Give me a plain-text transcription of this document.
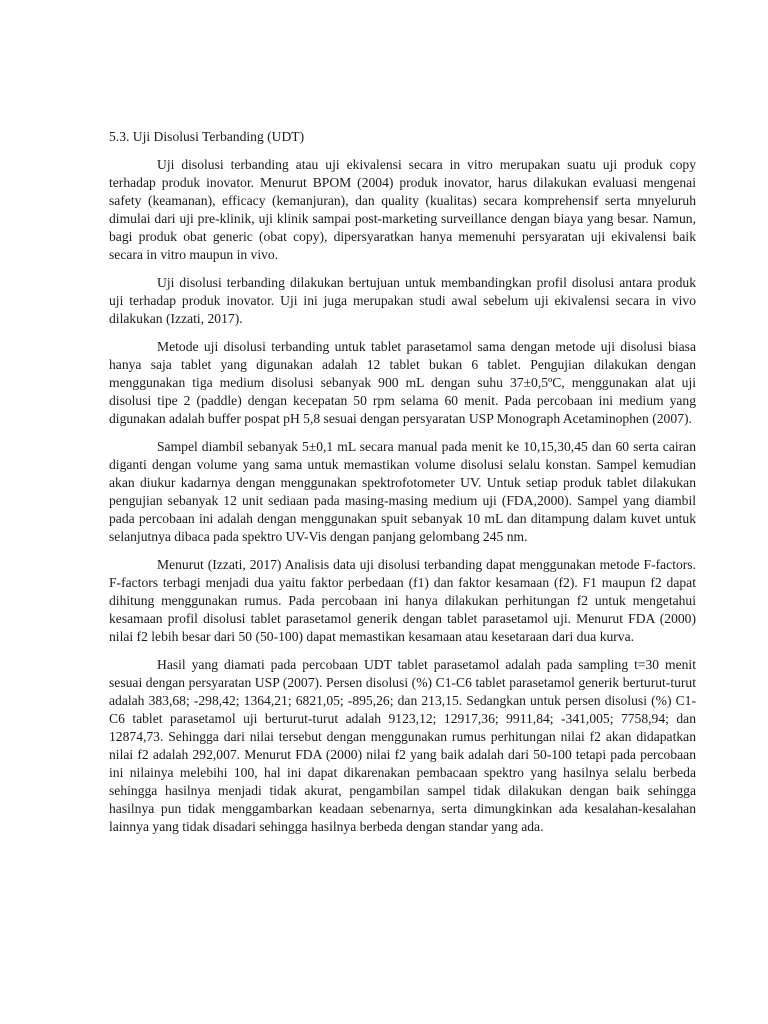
5.3. Uji Disolusi Terbanding (UDT)

Uji disolusi terbanding atau uji ekivalensi secara in vitro merupakan suatu uji produk copy terhadap produk inovator. Menurut BPOM (2004) produk inovator, harus dilakukan evaluasi mengenai safety (keamanan), efficacy (kemanjuran), dan quality (kualitas) secara komprehensif serta mnyeluruh dimulai dari uji pre-klinik, uji klinik sampai post-marketing surveillance dengan biaya yang besar. Namun, bagi produk obat generic (obat copy), dipersyaratkan hanya memenuhi persyaratan uji ekivalensi baik secara in vitro maupun in vivo.

Uji disolusi terbanding dilakukan bertujuan untuk membandingkan profil disolusi antara produk uji terhadap produk inovator. Uji ini juga merupakan studi awal sebelum uji ekivalensi secara in vivo dilakukan (Izzati, 2017).

Metode uji disolusi terbanding untuk tablet parasetamol sama dengan metode uji disolusi biasa hanya saja tablet yang digunakan adalah 12 tablet bukan 6 tablet. Pengujian dilakukan dengan menggunakan tiga medium disolusi sebanyak 900 mL dengan suhu 37±0,5ºC, menggunakan alat uji disolusi tipe 2 (paddle) dengan kecepatan 50 rpm selama 60 menit. Pada percobaan ini medium yang digunakan adalah buffer pospat pH 5,8 sesuai dengan persyaratan USP Monograph Acetaminophen (2007).

Sampel diambil sebanyak 5±0,1 mL secara manual pada menit ke 10,15,30,45 dan 60 serta cairan diganti dengan volume yang sama untuk memastikan volume disolusi selalu konstan. Sampel kemudian akan diukur kadarnya dengan menggunakan spektrofotometer UV. Untuk setiap produk tablet dilakukan pengujian sebanyak 12 unit sediaan pada masing-masing medium uji (FDA,2000). Sampel yang diambil pada percobaan ini adalah dengan menggunakan spuit sebanyak 10 mL dan ditampung dalam kuvet untuk selanjutnya dibaca pada spektro UV-Vis dengan panjang gelombang 245 nm.

Menurut (Izzati, 2017) Analisis data uji disolusi terbanding dapat menggunakan metode F-factors. F-factors terbagi menjadi dua yaitu faktor perbedaan (f1) dan faktor kesamaan (f2). F1 maupun f2 dapat dihitung menggunakan rumus. Pada percobaan ini hanya dilakukan perhitungan f2 untuk mengetahui kesamaan profil disolusi tablet parasetamol generik dengan tablet parasetamol uji. Menurut FDA (2000) nilai f2 lebih besar dari 50 (50-100) dapat memastikan kesamaan atau kesetaraan dari dua kurva.

Hasil yang diamati pada percobaan UDT tablet parasetamol adalah pada sampling t=30 menit sesuai dengan persyaratan USP (2007). Persen disolusi (%) C1-C6 tablet parasetamol generik berturut-turut adalah 383,68; -298,42; 1364,21; 6821,05; -895,26; dan 213,15. Sedangkan untuk persen disolusi (%) C1-C6 tablet parasetamol uji berturut-turut adalah 9123,12; 12917,36; 9911,84; -341,005; 7758,94; dan 12874,73. Sehingga dari nilai tersebut dengan menggunakan rumus perhitungan nilai f2 akan didapatkan nilai f2 adalah 292,007. Menurut FDA (2000) nilai f2 yang baik adalah dari 50-100 tetapi pada percobaan ini nilainya melebihi 100, hal ini dapat dikarenakan pembacaan spektro yang hasilnya selalu berbeda sehingga hasilnya menjadi tidak akurat, pengambilan sampel tidak dilakukan dengan baik sehingga hasilnya pun tidak menggambarkan keadaan sebenarnya, serta dimungkinkan ada kesalahan-kesalahan lainnya yang tidak disadari sehingga hasilnya berbeda dengan standar yang ada.
